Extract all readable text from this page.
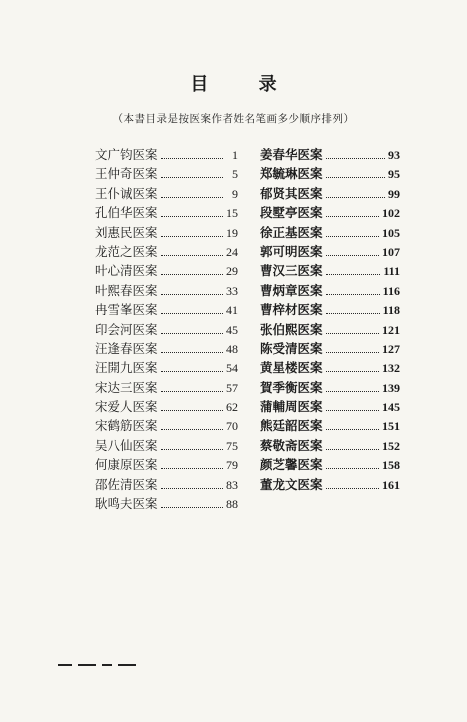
目 录
（本書目录是按医案作者姓名笔画多少顺序排列）
文广钧医案	1
王仲奇医案	5
王仆诚医案	9
孔伯华医案	15
刘惠民医案	19
龙范之医案	24
叶心清医案	29
叶熙春医案	33
冉雪峯医案	41
印会河医案	45
汪逢春医案	48
汪開九医案	54
宋达三医案	57
宋爱人医案	62
宋鹤筋医案	70
吴八仙医案	75
何康原医案	79
邵佐清医案	83
耿鸣夫医案	88
姜春华医案	93
郑毓琳医案	95
郁贤其医案	99
段墅亭医案	102
徐正基医案	105
郭可明医案	107
曹汉三医案	111
曹炳章医案	116
曹梓材医案	118
张伯熙医案	121
陈受清医案	127
黄星楼医案	132
賀季衡医案	139
蒲輔周医案	145
熊廷韶医案	151
蔡敬斋医案	152
颜芝馨医案	158
董龙文医案	161
